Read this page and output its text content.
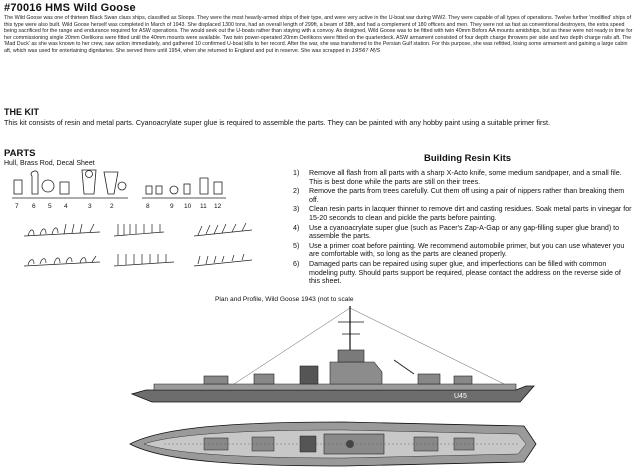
#70016 HMS Wild Goose
The Wild Goose was one of thirteen Black Swan class ships, classified as Sloops. They were the most heavily-armed ships of their type, and were very active in the U-boat war during WW2. They were capable of all types of operations. Twelve further 'modified' ships of this type were also built. Wild Goose herself was completed in March of 1943. She displaced 1300 tons, had an overall length of 299ft, a beam of 38ft, and had a complement of 180 officers and men. They were not as fast as conventional destroyers, the extra speed being sacrificed for the range and endurance required for ASW operations. The would seek out the U-boats rather than staying with a convoy. As designed, Wild Goose was to be fitted with twin 40mm Bofors AA mounts amidships, but as these were not ready in time for her commissioning single 20mm Oerlikons were fitted until the 40mm mounts were available. Two twin power-operated 20mm Oerlikons were fitted on the quarterdeck. ASW armament consisted of four depth charge throwers per side and two depth charge rails aft. The 'Mad Duck' as she was known to her crew, saw action immediately, and gathered 10 confirmed U-boat kills to her record. After the war, she was transferred to the Persian Gulf station. For this purpose, she was refitted, losing some armament and gaining a large cabin aft, which was used for entertaining dignitaries. She served there until 1954, when she returned to England and put in reserve. She was scrapped in 1956? M/S
THE KIT
This kit consists of resin and metal parts. Cyanoacrylate super glue is required to assemble the parts. They can be painted with any hobby paint using a suitable primer first.
PARTS
Hull, Brass Rod, Decal Sheet
7 6 5 4	3	2	8	9 10 11 12
Building Resin Kits
1) Remove all flash from all parts with a sharp X-Acto knife, some medium sandpaper, and a small file. This is best done while the parts are still on their trees.
2) Remove the parts from trees carefully. Cut them off using a pair of nippers rather than breaking them off.
3) Clean resin parts in lacquer thinner to remove dirt and casting residues. Soak metal parts in vinegar for 15-20 seconds to clean and pickle the parts before painting.
4) Use a cyanoacrylate super glue (such as Pacer's Zap-A-Gap or any gap-filling super glue brand) to assemble the parts.
5) Use a primer coat before painting. We recommend automobile primer, but you can use whatever you are comfortable with, so long as the parts are cleaned properly.
6) Damaged parts can be repaired using super glue, and imperfections can be filled with common modeling putty. Should parts support be required, please contact the address on the reverse side of this sheet.
Plan and Profile, Wild Goose 1943 (not to scale
U45
